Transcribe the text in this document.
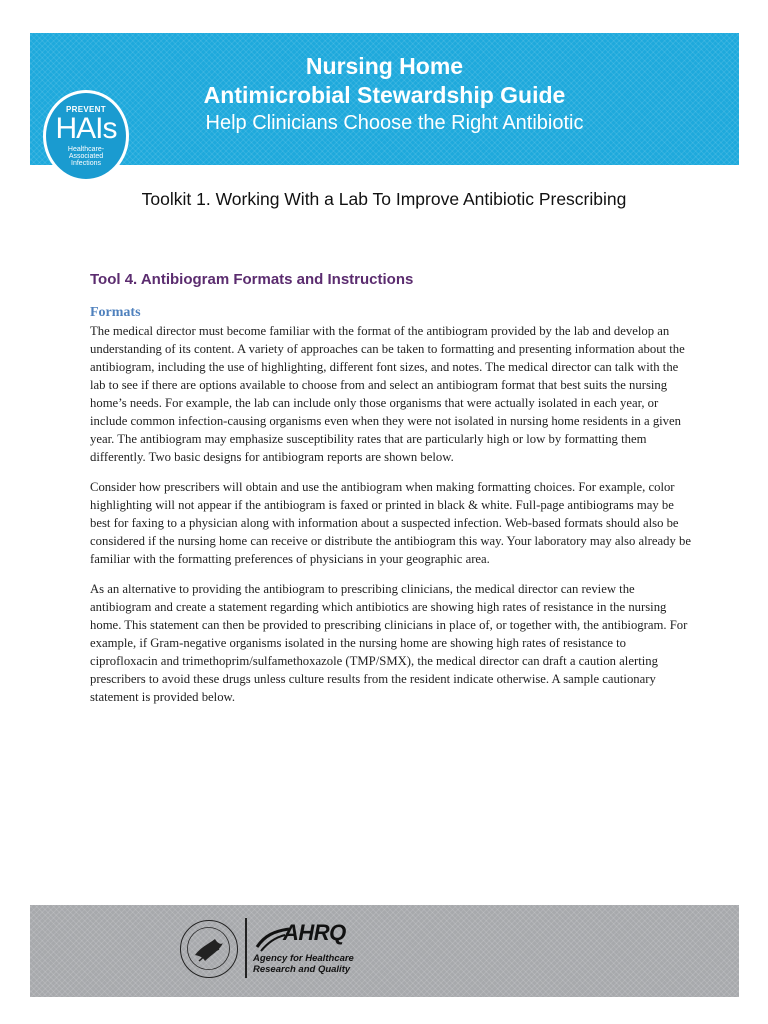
Nursing Home
Antimicrobial Stewardship Guide
Help Clinicians Choose the Right Antibiotic
PREVENT
HAIs
Healthcare-
Associated
Infections
Toolkit 1. Working With a Lab To Improve Antibiotic Prescribing
Tool 4. Antibiogram Formats and Instructions
Formats

The medical director must become familiar with the format of the antibiogram provided by the lab and develop an understanding of its content. A variety of approaches can be taken to formatting and presenting information about the antibiogram, including the use of highlighting, different font sizes, and notes. The medical director can talk with the lab to see if there are options available to choose from and select an antibiogram format that best suits the nursing home’s needs. For example, the lab can include only those organisms that were actually isolated in each year, or include common infection-causing organisms even when they were not isolated in nursing home residents in a given year. The antibiogram may emphasize susceptibility rates that are particularly high or low by formatting them differently. Two basic designs for antibiogram reports are shown below.

Consider how prescribers will obtain and use the antibiogram when making formatting choices. For example, color highlighting will not appear if the antibiogram is faxed or printed in black & white. Full-page antibiograms may be best for faxing to a physician along with information about a suspected infection. Web-based formats should also be considered if the nursing home can receive or distribute the antibiogram this way. Your laboratory may also already be familiar with the formatting preferences of physicians in your geographic area.

As an alternative to providing the antibiogram to prescribing clinicians, the medical director can review the antibiogram and create a statement regarding which antibiotics are showing high rates of resistance in the nursing home. This statement can then be provided to prescribing clinicians in place of, or together with, the antibiogram. For example, if Gram-negative organisms isolated in the nursing home are showing high rates of resistance to ciprofloxacin and trimethoprim/sulfamethoxazole (TMP/SMX), the medical director can draft a caution alerting prescribers to avoid these drugs unless culture results from the resident indicate otherwise. A sample cautionary statement is provided below.

AHRQ
Agency for Healthcare
Research and Quality
